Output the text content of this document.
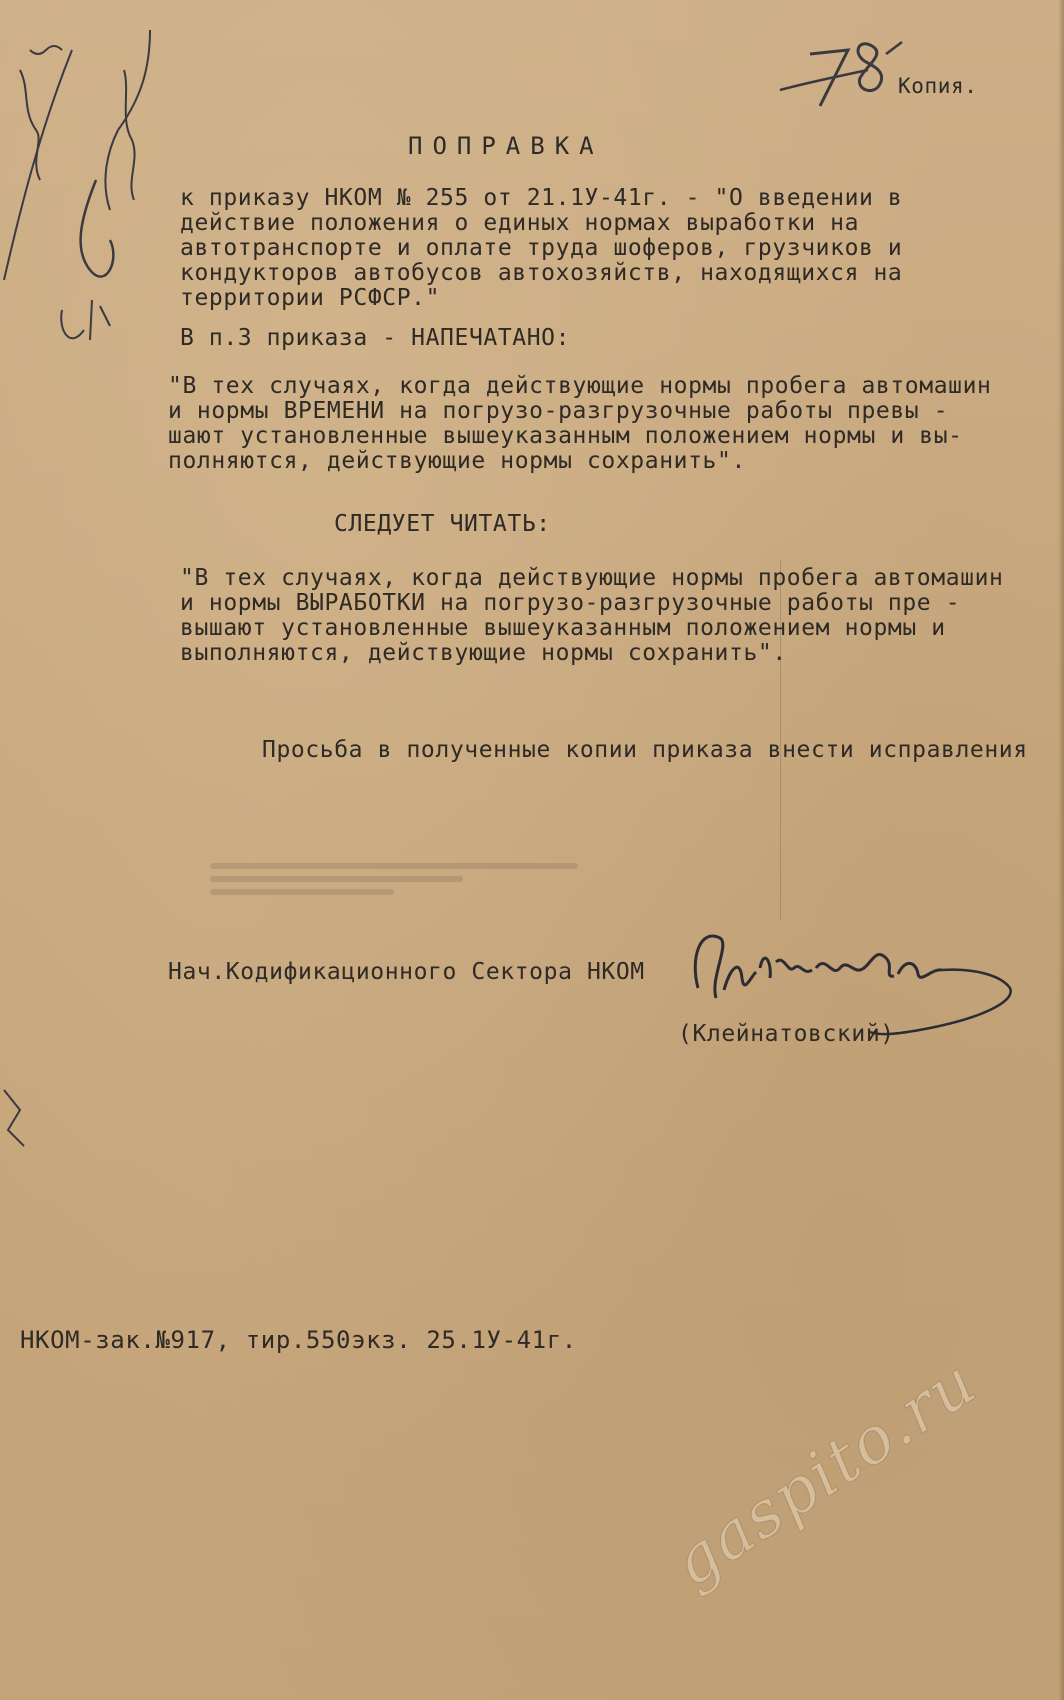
Копия.
ПОПРАВКА
к приказу НКОМ № 255 от 21.1У-41г. - "О введении в
действие положения о единых нормах выработки на
автотранспорте и оплате труда шоферов, грузчиков и
кондукторов автобусов автохозяйств, находящихся на
территории РСФСР."
В п.3 приказа - НАПЕЧАТАНО:
"В тех случаях, когда действующие нормы пробега автомашин
и нормы ВРЕМЕНИ на погрузо-разгрузочные работы превы -
шают установленные вышеуказанным положением нормы и вы-
полняются, действующие нормы сохранить".
СЛЕДУЕТ ЧИТАТЬ:
"В тех случаях, когда действующие нормы пробега автомашин
и нормы ВЫРАБОТКИ на погрузо-разгрузочные работы пре -
вышают установленные вышеуказанным положением нормы и
выполняются, действующие нормы сохранить".
Просьба в полученные копии приказа внести исправления
Нач.Кодификационного Сектора НКОМ
(Клейнатовский)
НКОМ-зак.№917, тир.550экз. 25.1У-41г.
gaspito.ru
